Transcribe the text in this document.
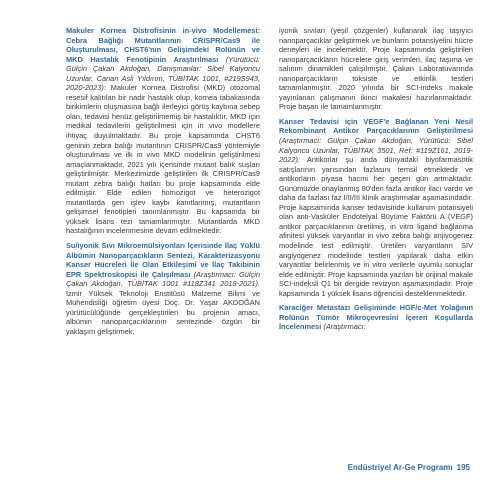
Makuler Kornea Distrofisinin in-vivo Modellemesi: Cebra Bağlığı Mutantlarının CRISPR/Cas9 ile Oluşturulması, CHST6'nın Gelişimdeki Rolünün ve MKD Hastalık Fenotipinin Araştırılması (Yürütücü: Gülçin Çakan Akdoğan, Danışmanlar: Sibel Kalyoncu Uzunlar, Canan Aslı Yıldırım, TÜBİTAK 1001, #219S943, 2020-2023): Makuler Kornea Distrofisi (MKD) otozomal resesif kalıtılan bir nadir hastalık olup, kornea tabakasında birikimlerin oluşmasına bağlı ilerleyici görüş kaybına sebep olan, tedavisi henüz geliştirilmemiş bir hastalıktır. MKD için medikal tedavilerin geliştirilmesi için in vivo modellere ihtiyaç duyulmaktadır. Bu proje kapsamında CHST6 geninin zebra balığı mutantının CRISPR/Cas9 yöntemiyle oluşturulması ve ilk in vivo MKD modelinin geliştirilmesi amaçlanmaktadır. 2021 yılı içerisinde mutant balık suşları geliştirilmiştir. Merkezimizde geliştirilen ilk CRISPR/Cas9 mutant zebra balığı hatları bu proje kapsamında elde edilmiştir. Elde edilen homozigot ve heterozigot mutantlarda gen işlev kaybı kanıtlanmış, mutantların gelişimsel fenotipleri tanımlanmıştır. Bu kapsamda bir yüksek lisans tezi tamamlanmıştır. Mutantlarda MKD hastalığının incelenmesine devam edilmektedir.

Su/iyonik Sıvı Mikroemülsiyonları İçerisinde İlaç Yüklü Albümin Nanoparçacıkların Sentezi, Karakterizasyonu Kanser Hücreleri İle Olan Etkileşimi ve İlaç Takibinin EPR Spektroskopisi ile Çalışılması (Araştırmacı: Gülçin Çakan Akdoğan, TÜBİTAK 1001 #118Z341 2018-2021). İzmir Yüksek Teknoloji Enstitüsü Malzeme Bilimi ve Mühendisliği öğretim üyesi Doç. Dr. Yaşar AKDOĞAN yürütücülüğünde gerçekleştirilen bu projenin amacı, albümin nanoparçacıklarının sentezinde özgün bir yaklaşım geliştirmek,

iyonik sıvıları (yeşil çözgenler) kullanarak ilaç taşıyıcı nanoparçacıklar geliştirmek ve bunların potansiyelini hücre deneyleri ile incelemektir. Proje kapsamında geliştirilen nanoparçacıkların hücrelere giriş verimleri, ilaç taşıma ve salınım dinamikleri çalışılmıştır. Çakan Laboratuvarında nanoparçacıkların toksiste ve etkinlik testleri tamamlanmıştır. 2020 yılında bir SCI-indeks makale yayınlanan çalışmanın ikinci makalesi hazırlanmaktadır. Proje başarı ile tamamlanmıştır.

Kanser Tedavisi için VEGF'e Bağlanan Yeni Nesil Rekombinant Antikor Parçacıklarının Geliştirilmesi (Araştırmacı: Gülçin Çakan Akdoğan, Yürütücü: Sibel Kalyoncu Uzunlar, TÜBİTAK 3501, Ref: #119Z161, 2019-2022): Antikorlar şu anda dünyadaki biyofarmasötik satışlarının yarısından fazlasını temsil etmektedir ve antikorların piyasa hacmi her geçen gün artmaktadır. Günümüzde onaylanmış 80'den fazla antikor ilacı vardır ve daha da fazlası faz I/II/III klinik araştırmalar aşamasındadır. Proje kapsamında kanser tedavisinde kullanım potansiyeli olan anti-Vasküler Endotelyal Büyüme Faktörü A (VEGF) antikor parçacıklarının üretilmiş, in vitro ligand bağlanma afinitesi yüksek varyantlar in vivo zebra balığı anjiyogenez modelinde test edilmiştir. Üretilen varyantların SIV angiyogenez modelinde testleri yapılarak daha etkin varyantlar belirlenmiş ve in vitro verilerle uyumlu sonuçlar elde edilmiştir. Proje kapsamında yazılan bir orijinal makale SCI-indeksli Q1 bir dergide revizyon aşamasındadır. Proje kapsamında 1 yüksek lisans öğrencisi desteklenmektedir.

Karaciğer Metastazı Gelişiminde HGF/c-Met Yolağının Rolünün Tümör Mikroçevresini İçeren Koşullarda İncelenmesi (Araştırmacı:

Endüstriyel Ar-Ge Programı 195
